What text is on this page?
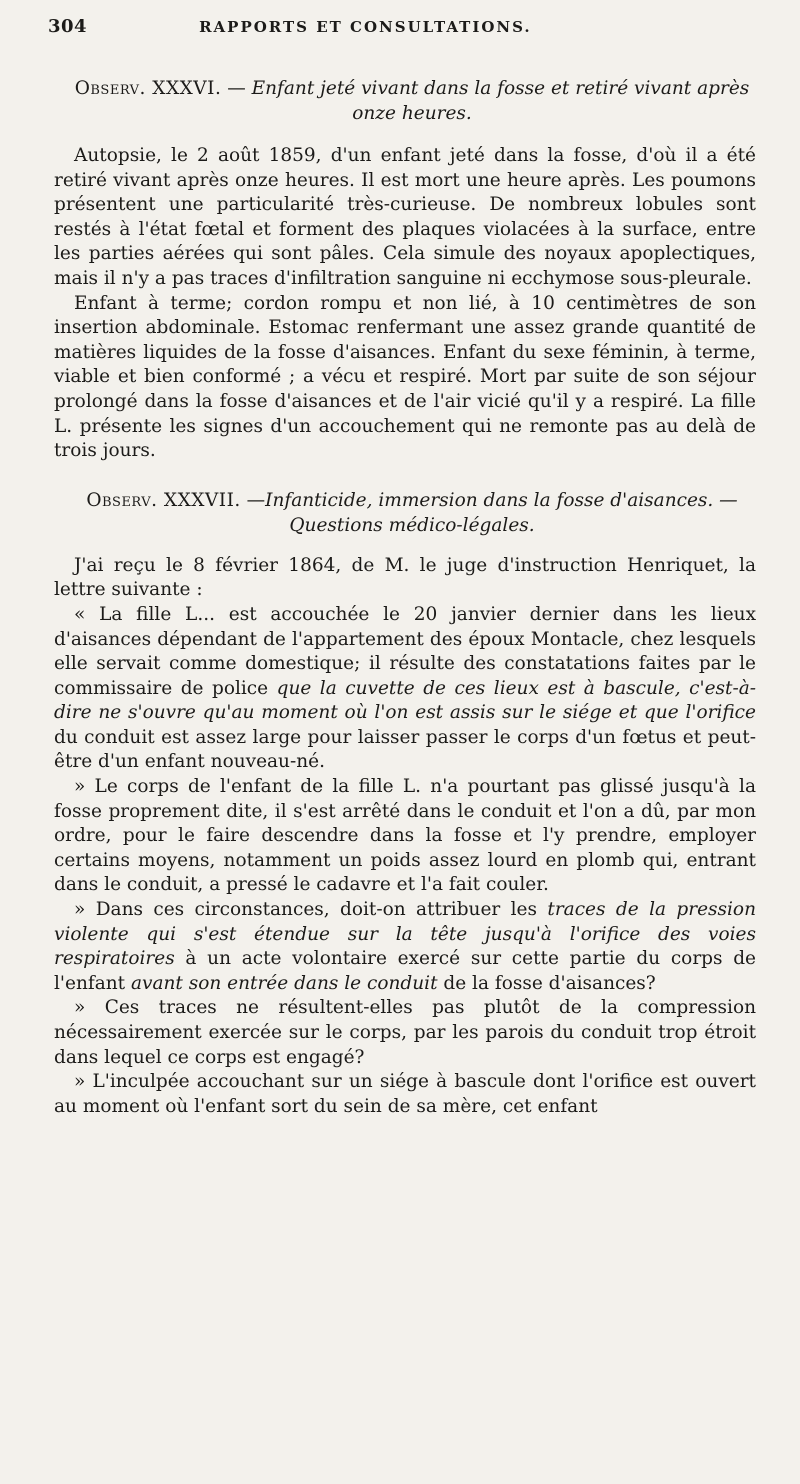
304	RAPPORTS ET CONSULTATIONS.
Observ. XXXVI. — Enfant jeté vivant dans la fosse et retiré vivant après onze heures.

Autopsie, le 2 août 1859, d'un enfant jeté dans la fosse, d'où il a été retiré vivant après onze heures. Il est mort une heure après. Les poumons présentent une particularité très-curieuse. De nombreux lobules sont restés à l'état fœtal et forment des plaques violacées à la surface, entre les parties aérées qui sont pâles. Cela simule des noyaux apoplectiques, mais il n'y a pas traces d'infiltration sanguine ni ecchymose sous-pleurale.

Enfant à terme; cordon rompu et non lié, à 10 centimètres de son insertion abdominale. Estomac renfermant une assez grande quantité de matières liquides de la fosse d'aisances. Enfant du sexe féminin, à terme, viable et bien conformé ; a vécu et respiré. Mort par suite de son séjour prolongé dans la fosse d'aisances et de l'air vicié qu'il y a respiré. La fille L. présente les signes d'un accouchement qui ne remonte pas au delà de trois jours.

Observ. XXXVII. —Infanticide, immersion dans la fosse d'aisances. — Questions médico-légales.

J'ai reçu le 8 février 1864, de M. le juge d'instruction Henriquet, la lettre suivante :

« La fille L... est accouchée le 20 janvier dernier dans les lieux d'aisances dépendant de l'appartement des époux Montacle, chez lesquels elle servait comme domestique; il résulte des constatations faites par le commissaire de police que la cuvette de ces lieux est à bascule, c'est-à-dire ne s'ouvre qu'au moment où l'on est assis sur le siége et que l'orifice du conduit est assez large pour laisser passer le corps d'un fœtus et peut-être d'un enfant nouveau-né.

» Le corps de l'enfant de la fille L. n'a pourtant pas glissé jusqu'à la fosse proprement dite, il s'est arrêté dans le conduit et l'on a dû, par mon ordre, pour le faire descendre dans la fosse et l'y prendre, employer certains moyens, notamment un poids assez lourd en plomb qui, entrant dans le conduit, a pressé le cadavre et l'a fait couler.

» Dans ces circonstances, doit-on attribuer les traces de la pression violente qui s'est étendue sur la tête jusqu'à l'orifice des voies respiratoires à un acte volontaire exercé sur cette partie du corps de l'enfant avant son entrée dans le conduit de la fosse d'aisances?

» Ces traces ne résultent-elles pas plutôt de la compression nécessairement exercée sur le corps, par les parois du conduit trop étroit dans lequel ce corps est engagé?

» L'inculpée accouchant sur un siége à bascule dont l'orifice est ouvert au moment où l'enfant sort du sein de sa mère, cet enfant
